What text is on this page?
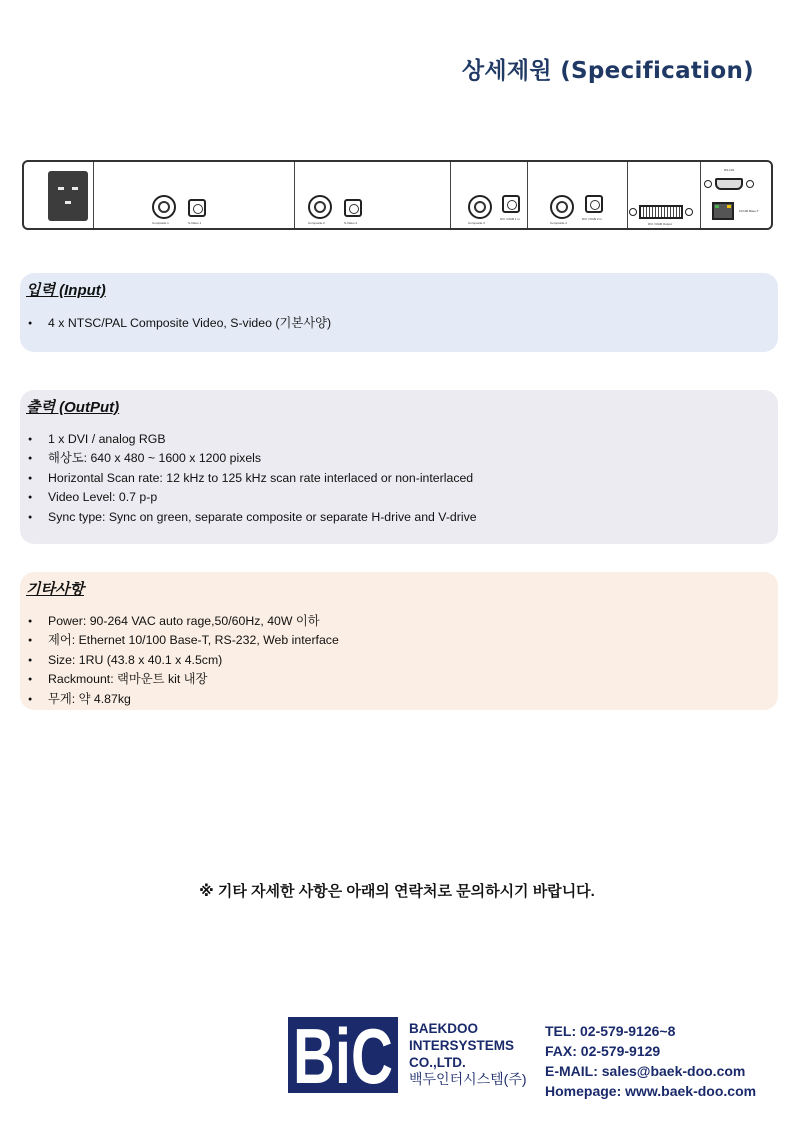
상세제원 (Specification)
Composite 1	S-Video 1	Composite 2	S-Video 2	Composite 3
DVI / RGB 1 in
Composite 4
DVI / RGB 2 in
DVI / RGB Output
RS-232
10/100 Base-T
입력 (Input)
● 4 x NTSC/PAL Composite Video, S-video (기본사양)
출력 (OutPut)
● 1 x DVI / analog RGB
● 해상도: 640 x 480 ~ 1600 x 1200 pixels
● Horizontal Scan rate: 12 kHz to 125 kHz scan rate interlaced or non-interlaced
● Video Level: 0.7 p-p
● Sync type: Sync on green, separate composite or separate H-drive and V-drive
기타사항
● Power: 90-264 VAC auto rage,50/60Hz, 40W 이하
● 제어: Ethernet 10/100 Base-T, RS-232, Web interface
● Size: 1RU (43.8 x 40.1 x 4.5cm)
● Rackmount: 랙마운트 kit 내장
● 무게: 약 4.87kg
※ 기타 자세한 사항은 아래의 연락처로 문의하시기 바랍니다.
BiC BAEKDOO
INTERSYSTEMS
CO.,LTD.
백두인터시스템(주)
TEL: 02-579-9126~8
FAX: 02-579-9129
E-MAIL: sales@baek-doo.com
Homepage: www.baek-doo.com
